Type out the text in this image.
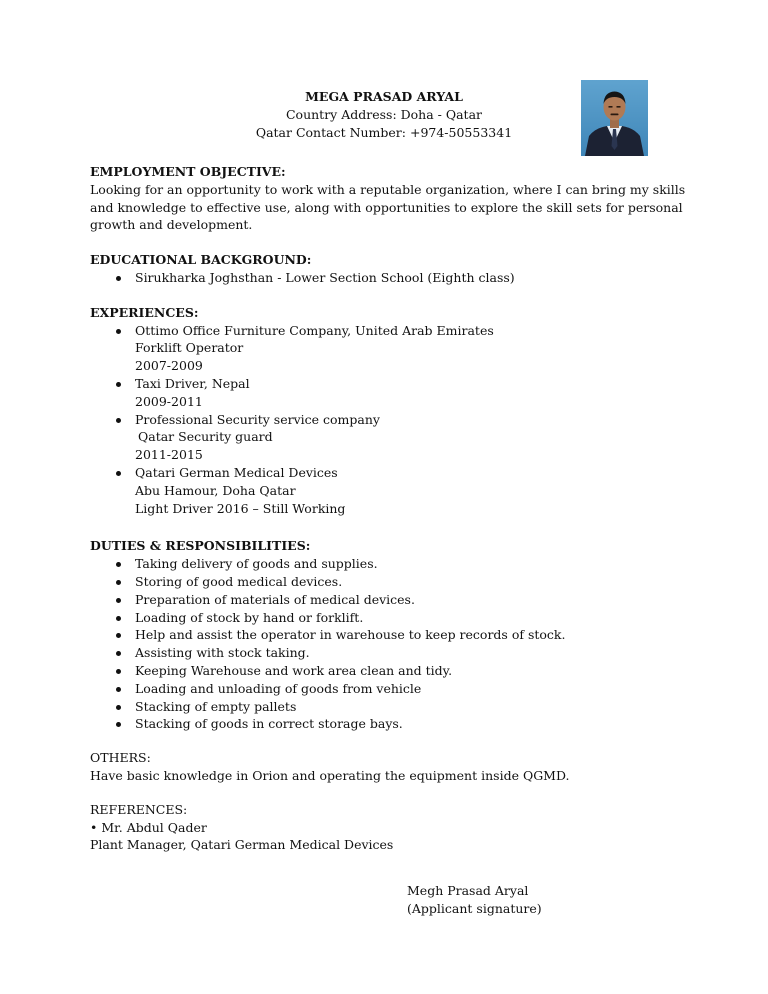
MEGA PRASAD ARYAL
Country Address: Doha - Qatar
Qatar Contact Number: +974-50553341
EMPLOYMENT OBJECTIVE:
Looking for an opportunity to work with a reputable organization, where I can bring my skills
and knowledge to effective use, along with opportunities to explore the skill sets for personal
growth and development.
EDUCATIONAL BACKGROUND:
Sirukharka Joghsthan - Lower Section School (Eighth class)
EXPERIENCES:
Ottimo Office Furniture Company, United Arab Emirates
Forklift Operator
2007-2009
Taxi Driver, Nepal
2009-2011
Professional Security service company
Qatar Security guard
2011-2015
Qatari German Medical Devices
Abu Hamour, Doha Qatar
Light Driver 2016 – Still Working
DUTIES & RESPONSIBILITIES:
Taking delivery of goods and supplies.
Storing of good medical devices.
Preparation of materials of medical devices.
Loading of stock by hand or forklift.
Help and assist the operator in warehouse to keep records of stock.
Assisting with stock taking.
Keeping Warehouse and work area clean and tidy.
Loading and unloading of goods from vehicle
Stacking of empty pallets
Stacking of goods in correct storage bays.
OTHERS:
Have basic knowledge in Orion and operating the equipment inside QGMD.
REFERENCES:
• Mr. Abdul Qader
Plant Manager, Qatari German Medical Devices
Megh Prasad Aryal
(Applicant signature)
